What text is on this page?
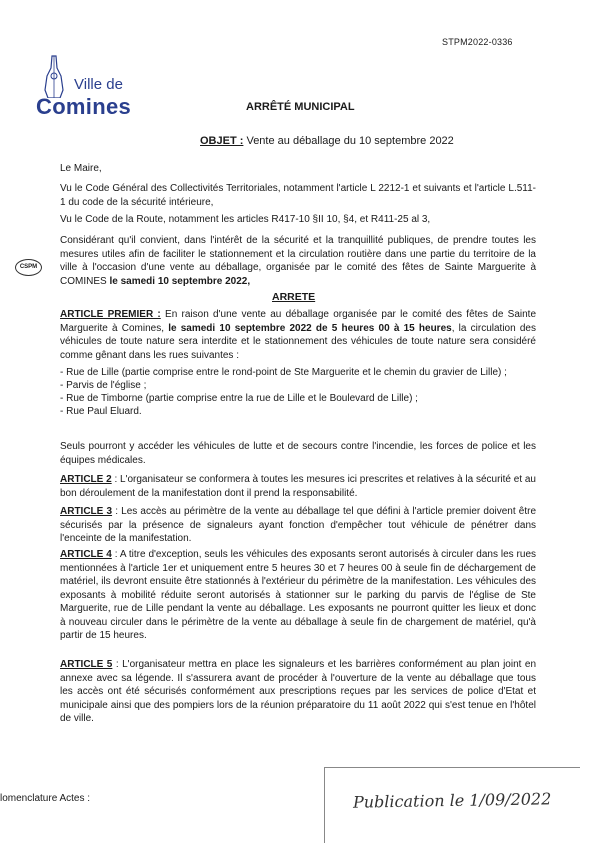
STPM2022-0336
Ville de
Comines	ARRÊTÉ MUNICIPAL
OBJET : Vente au déballage du 10 septembre 2022
CSPM
Le Maire,
Vu le Code Général des Collectivités Territoriales, notamment l'article L 2212-1 et suivants et l'article L.511-1 du code de la sécurité intérieure,
Vu le Code de la Route, notamment les articles R417-10 §II 10, §4, et R411-25 al 3,
Considérant qu'il convient, dans l'intérêt de la sécurité et la tranquillité publiques, de prendre toutes les mesures utiles afin de faciliter le stationnement et la circulation routière dans une partie du territoire de la ville à l'occasion d'une vente au déballage, organisée par le comité des fêtes de Sainte Marguerite à COMINES le samedi 10 septembre 2022,
ARRETE
ARTICLE PREMIER : En raison d'une vente au déballage organisée par le comité des fêtes de Sainte Marguerite à Comines, le samedi 10 septembre 2022 de 5 heures 00 à 15 heures, la circulation des véhicules de toute nature sera interdite et le stationnement des véhicules de toute nature sera considéré comme gênant dans les rues suivantes :
- Rue de Lille (partie comprise entre le rond-point de Ste Marguerite et le chemin du gravier de Lille) ;
- Parvis de l'église ;
- Rue de Timborne (partie comprise entre la rue de Lille et le Boulevard de Lille) ;
- Rue Paul Eluard.
Seuls pourront y accéder les véhicules de lutte et de secours contre l'incendie, les forces de police et les équipes médicales.
ARTICLE 2 : L'organisateur se conformera à toutes les mesures ici prescrites et relatives à la sécurité et au bon déroulement de la manifestation dont il prend la responsabilité.
ARTICLE 3 : Les accès au périmètre de la vente au déballage tel que défini à l'article premier doivent être sécurisés par la présence de signaleurs ayant fonction d'empêcher tout véhicule de pénétrer dans l'enceinte de la manifestation.
ARTICLE 4 : A titre d'exception, seuls les véhicules des exposants seront autorisés à circuler dans les rues mentionnées à l'article 1er et uniquement entre 5 heures 30 et 7 heures 00 à seule fin de déchargement de matériel, ils devront ensuite être stationnés à l'extérieur du périmètre de la manifestation. Les véhicules des exposants à mobilité réduite seront autorisés à stationner sur le parking du parvis de l'église de Ste Marguerite, rue de Lille pendant la vente au déballage. Les exposants ne pourront quitter les lieux et donc à nouveau circuler dans le périmètre de la vente au déballage à seule fin de chargement de matériel, qu'à partir de 15 heures.
ARTICLE 5 : L'organisateur mettra en place les signaleurs et les barrières conformément au plan joint en annexe avec sa légende. Il s'assurera avant de procéder à l'ouverture de la vente au déballage que tous les accès ont été sécurisés conformément aux prescriptions reçues par les services de police d'Etat et municipale ainsi que des pompiers lors de la réunion préparatoire du 11 août 2022 qui s'est tenue en l'hôtel de ville.
lomenclature Actes :	Publication le 1/09/2022
